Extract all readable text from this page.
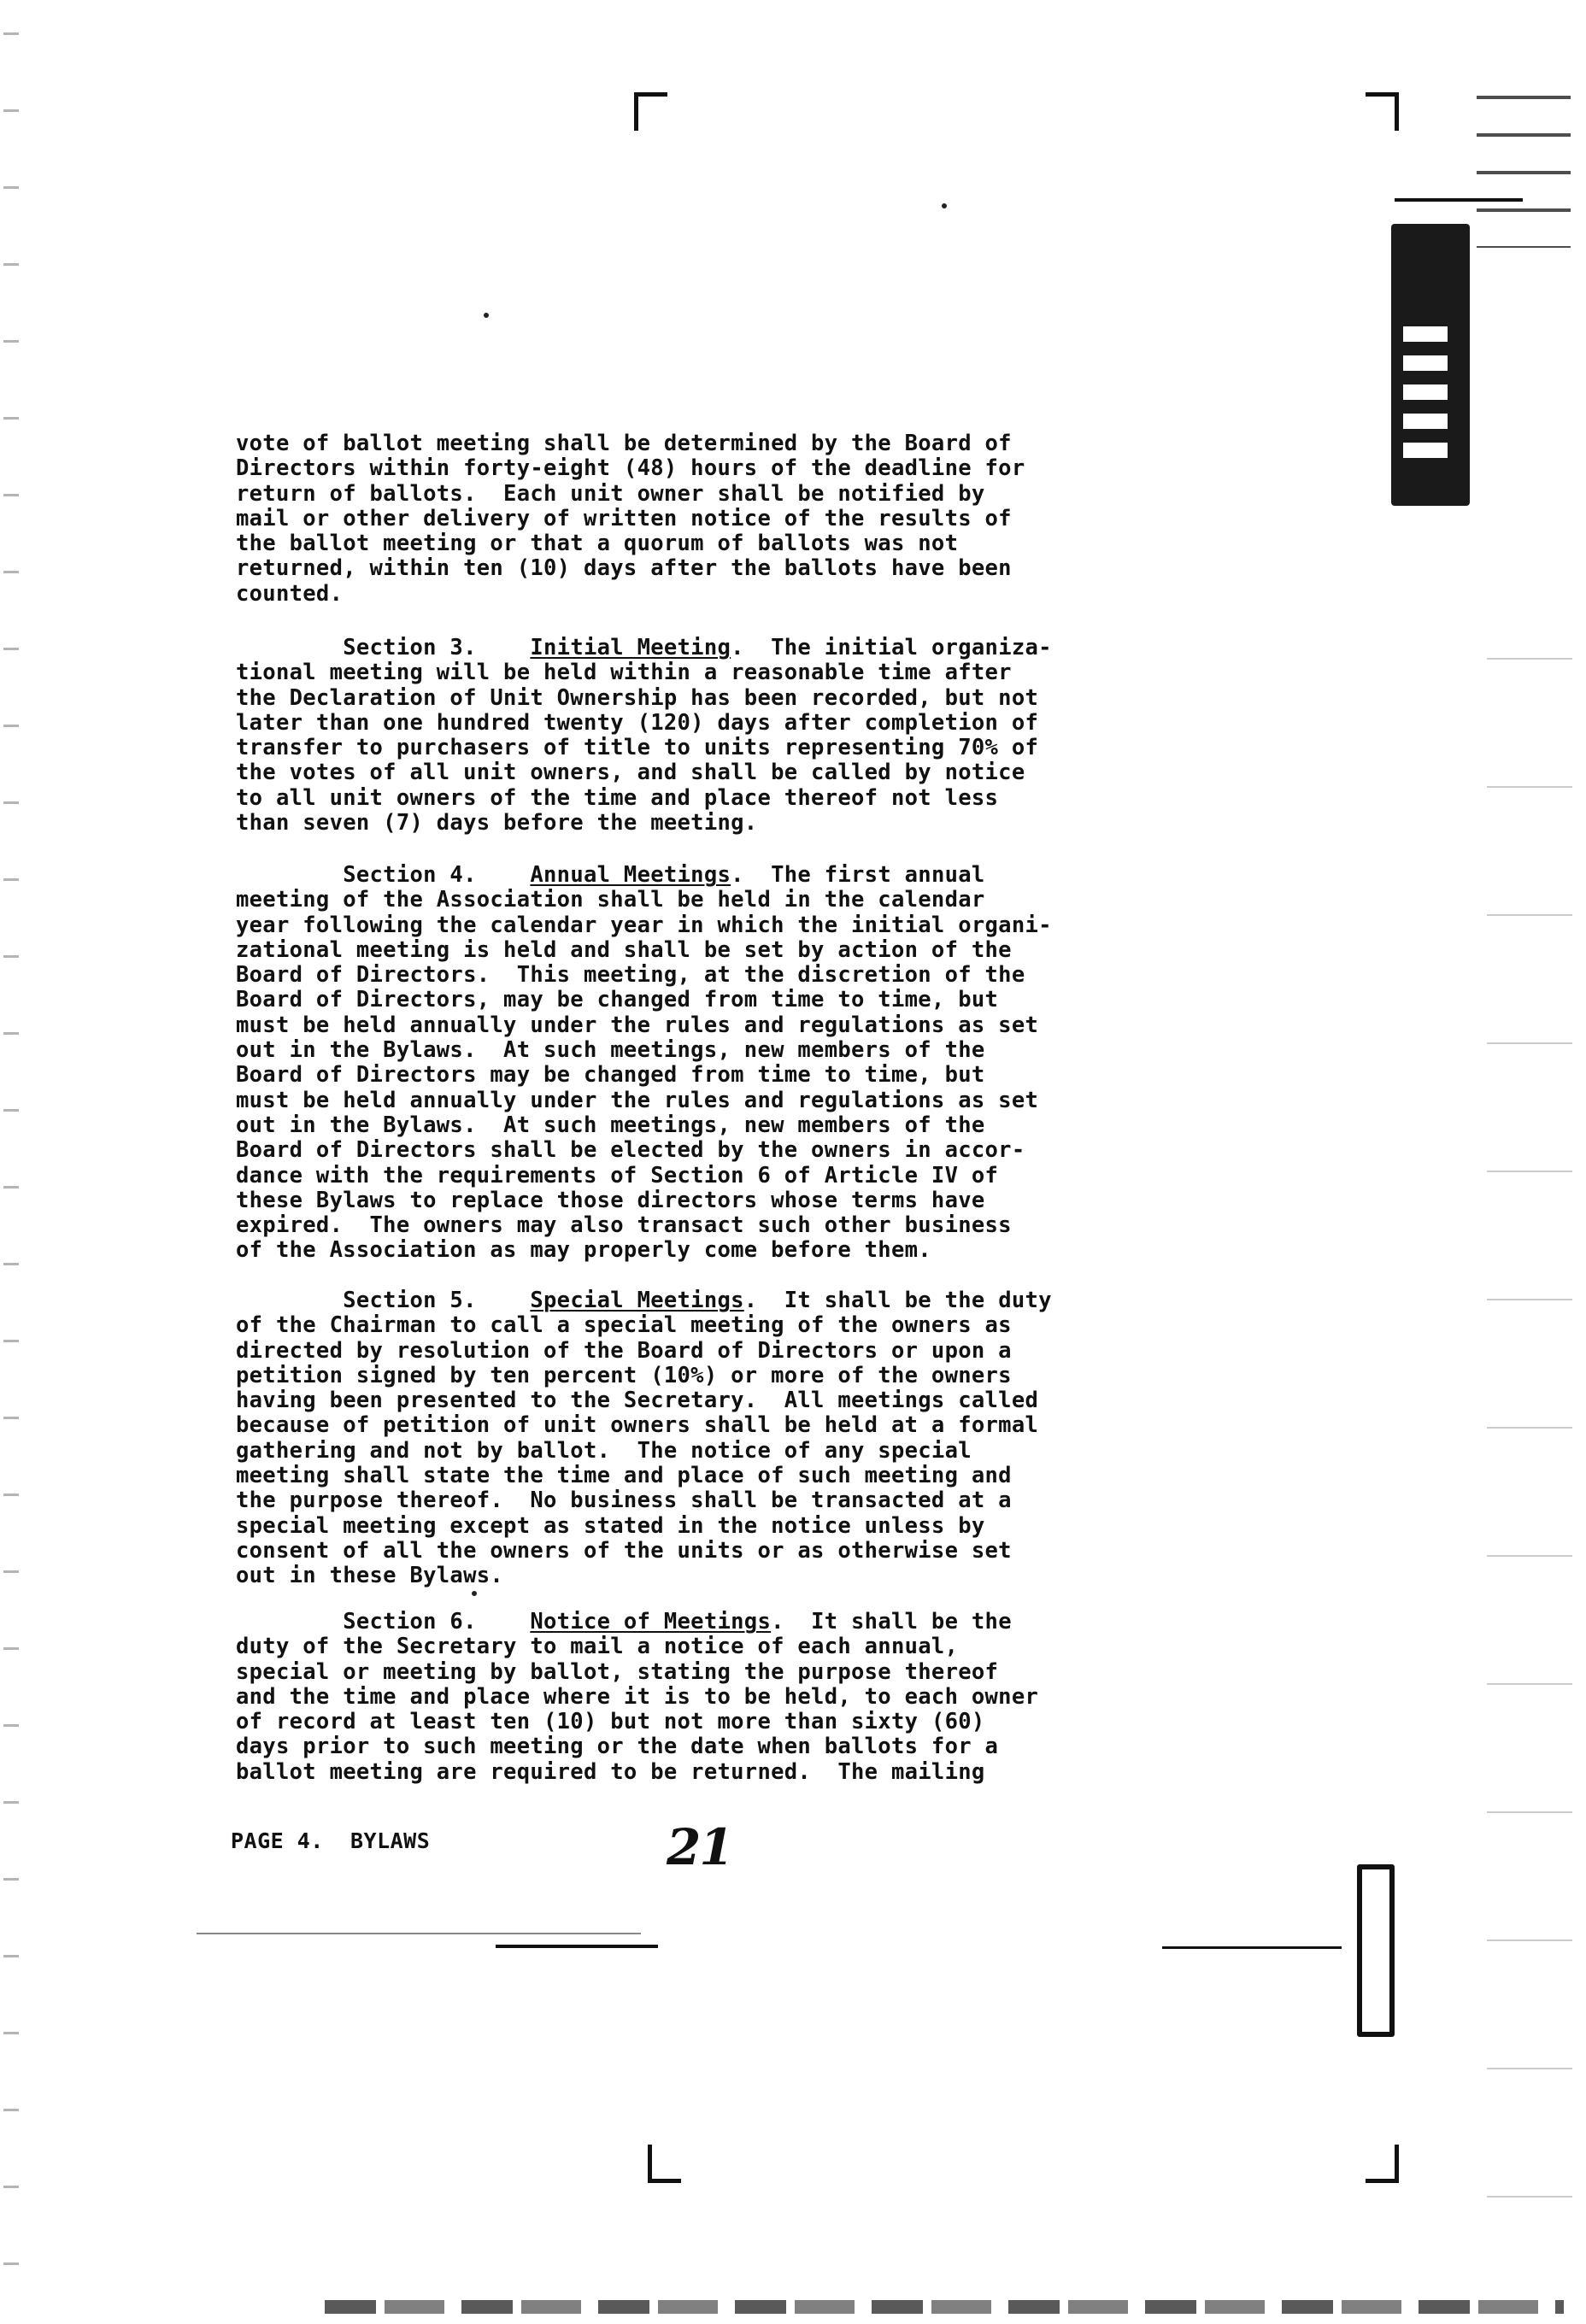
vote of ballot meeting shall be determined by the Board of
Directors within forty-eight (48) hours of the deadline for
return of ballots.  Each unit owner shall be notified by
mail or other delivery of written notice of the results of
the ballot meeting or that a quorum of ballots was not
returned, within ten (10) days after the ballots have been
counted.
Section 3. Initial Meeting.  The initial organiza-
tional meeting will be held within a reasonable time after
the Declaration of Unit Ownership has been recorded, but not
later than one hundred twenty (120) days after completion of
transfer to purchasers of title to units representing 70% of
the votes of all unit owners, and shall be called by notice
to all unit owners of the time and place thereof not less
than seven (7) days before the meeting.
Section 4. Annual Meetings.  The first annual
meeting of the Association shall be held in the calendar
year following the calendar year in which the initial organi-
zational meeting is held and shall be set by action of the
Board of Directors.  This meeting, at the discretion of the
Board of Directors, may be changed from time to time, but
must be held annually under the rules and regulations as set
out in the Bylaws.  At such meetings, new members of the
Board of Directors may be changed from time to time, but
must be held annually under the rules and regulations as set
out in the Bylaws.  At such meetings, new members of the
Board of Directors shall be elected by the owners in accor-
dance with the requirements of Section 6 of Article IV of
these Bylaws to replace those directors whose terms have
expired.  The owners may also transact such other business
of the Association as may properly come before them.
Section 5. Special Meetings.  It shall be the duty
of the Chairman to call a special meeting of the owners as
directed by resolution of the Board of Directors or upon a
petition signed by ten percent (10%) or more of the owners
having been presented to the Secretary.  All meetings called
because of petition of unit owners shall be held at a formal
gathering and not by ballot.  The notice of any special
meeting shall state the time and place of such meeting and
the purpose thereof.  No business shall be transacted at a
special meeting except as stated in the notice unless by
consent of all the owners of the units or as otherwise set
out in these Bylaws.
Section 6. Notice of Meetings.  It shall be the
duty of the Secretary to mail a notice of each annual,
special or meeting by ballot, stating the purpose thereof
and the time and place where it is to be held, to each owner
of record at least ten (10) but not more than sixty (60)
days prior to such meeting or the date when ballots for a
ballot meeting are required to be returned.  The mailing
PAGE 4.  BYLAWS	21
